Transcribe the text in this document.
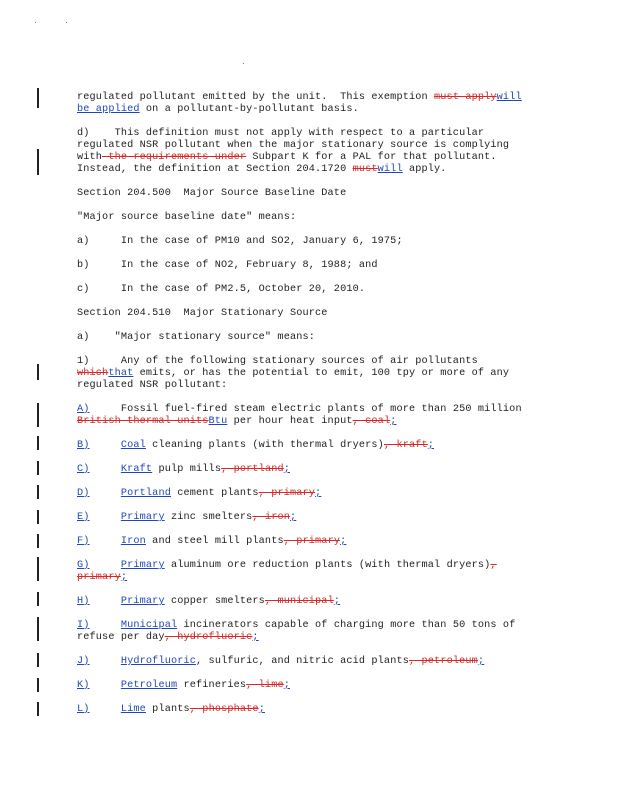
regulated pollutant emitted by the unit.  This exemption must applywill
be applied on a pollutant-by-pollutant basis.
d)    This definition must not apply with respect to a particular
regulated NSR pollutant when the major stationary source is complying
with the requirements under Subpart K for a PAL for that pollutant.
Instead, the definition at Section 204.1720 mustwill apply.
Section 204.500  Major Source Baseline Date
"Major source baseline date" means:
a)     In the case of PM10 and SO2, January 6, 1975;
b)     In the case of NO2, February 8, 1988; and
c)     In the case of PM2.5, October 20, 2010.
Section 204.510  Major Stationary Source
a)    "Major stationary source" means:
1)     Any of the following stationary sources of air pollutants
whichthat emits, or has the potential to emit, 100 tpy or more of any
regulated NSR pollutant:
A)     Fossil fuel-fired steam electric plants of more than 250 million
British thermal unitsBtu per hour heat input, coal;
B)	Coal cleaning plants (with thermal dryers), kraft;
C)	Kraft pulp mills, portland;
D)	Portland cement plants, primary;
E)	Primary zinc smelters, iron;
F)	Iron and steel mill plants, primary;
G)	Primary aluminum ore reduction plants (with thermal dryers),
primary;
H)	Primary copper smelters, municipal;
I)	Municipal incinerators capable of charging more than 50 tons of
refuse per day, hydrofluoric;
J)	Hydrofluoric, sulfuric, and nitric acid plants, petroleum;
K)	Petroleum refineries, lime;
L)	Lime plants, phosphate;
